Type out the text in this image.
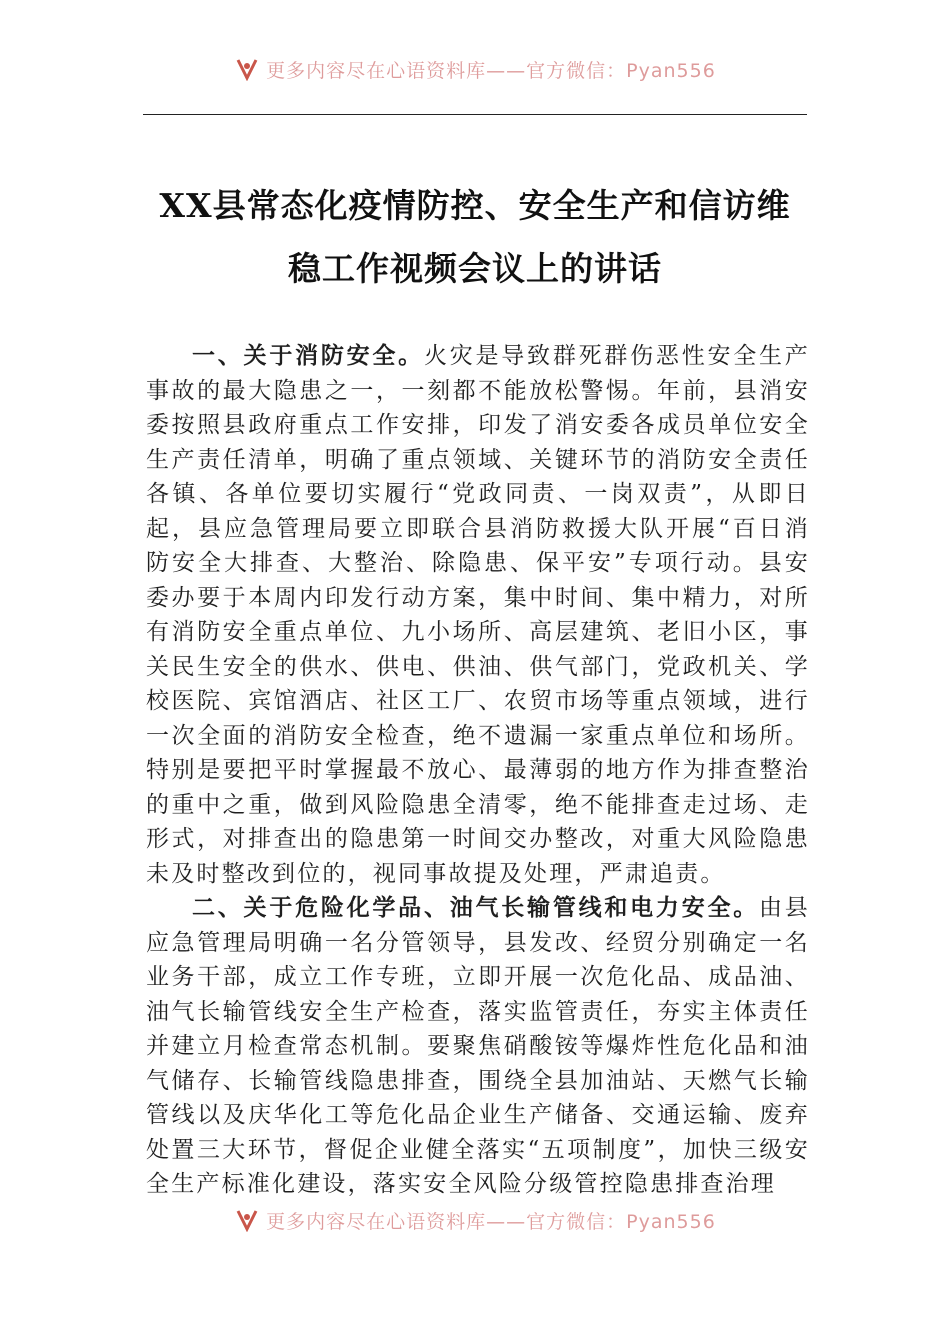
更多内容尽在心语资料库——官方微信：Pyan556
XX县常态化疫情防控、安全生产和信访维
稳工作视频会议上的讲话

一、关于消防安全。火灾是导致群死群伤恶性安全生产事故的最大隐患之一，一刻都不能放松警惕。年前，县消安委按照县政府重点工作安排，印发了消安委各成员单位安全生产责任清单，明确了重点领域、关键环节的消防安全责任各镇、各单位要切实履行“党政同责、一岗双责”，从即日起，县应急管理局要立即联合县消防救援大队开展“百日消防安全大排查、大整治、除隐患、保平安”专项行动。县安委办要于本周内印发行动方案，集中时间、集中精力，对所有消防安全重点单位、九小场所、高层建筑、老旧小区，事关民生安全的供水、供电、供油、供气部门，党政机关、学校医院、宾馆酒店、社区工厂、农贸市场等重点领域，进行一次全面的消防安全检查，绝不遗漏一家重点单位和场所。特别是要把平时掌握最不放心、最薄弱的地方作为排查整治的重中之重，做到风险隐患全清零，绝不能排查走过场、走形式，对排查出的隐患第一时间交办整改，对重大风险隐患未及时整改到位的，视同事故提及处理，严肃追责。

二、关于危险化学品、油气长输管线和电力安全。由县应急管理局明确一名分管领导，县发改、经贸分别确定一名业务干部，成立工作专班，立即开展一次危化品、成品油、油气长输管线安全生产检查，落实监管责任，夯实主体责任并建立月检查常态机制。要聚焦硝酸铵等爆炸性危化品和油气储存、长输管线隐患排查，围绕全县加油站、天燃气长输管线以及庆华化工等危化品企业生产储备、交通运输、废弃处置三大环节，督促企业健全落实“五项制度”，加快三级安全生产标准化建设，落实安全风险分级管控隐患排查治理

更多内容尽在心语资料库——官方微信：Pyan556
